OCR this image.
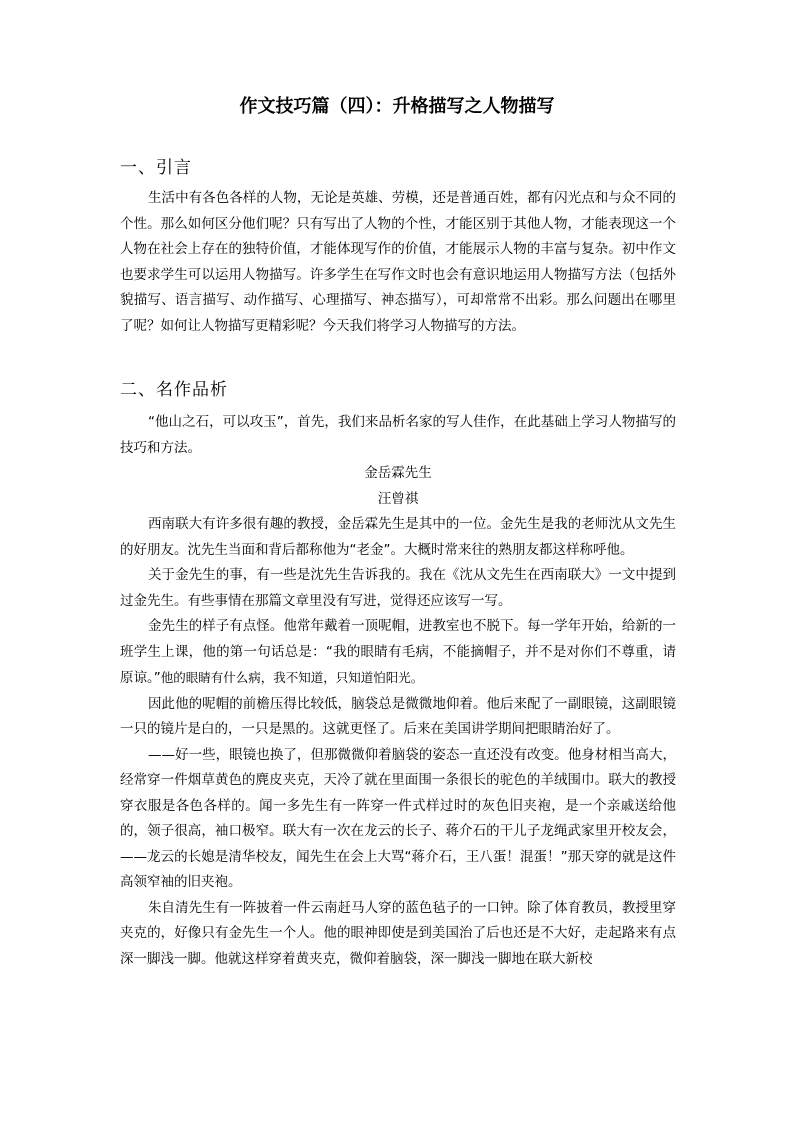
作文技巧篇（四）：升格描写之人物描写
一、引言

生活中有各色各样的人物，无论是英雄、劳模，还是普通百姓，都有闪光点和与众不同的个性。那么如何区分他们呢？只有写出了人物的个性，才能区别于其他人物，才能表现这一个人物在社会上存在的独特价值，才能体现写作的价值，才能展示人物的丰富与复杂。初中作文也要求学生可以运用人物描写。许多学生在写作文时也会有意识地运用人物描写方法（包括外貌描写、语言描写、动作描写、心理描写、神态描写），可却常常不出彩。那么问题出在哪里了呢？如何让人物描写更精彩呢？今天我们将学习人物描写的方法。

二、名作品析

“他山之石，可以攻玉”，首先，我们来品析名家的写人佳作，在此基础上学习人物描写的技巧和方法。

金岳霖先生

汪曾祺

西南联大有许多很有趣的教授，金岳霖先生是其中的一位。金先生是我的老师沈从文先生的好朋友。沈先生当面和背后都称他为“老金”。大概时常来往的熟朋友都这样称呼他。

关于金先生的事，有一些是沈先生告诉我的。我在《沈从文先生在西南联大》一文中提到过金先生。有些事情在那篇文章里没有写进，觉得还应该写一写。

金先生的样子有点怪。他常年戴着一顶呢帽，进教室也不脱下。每一学年开始，给新的一班学生上课，他的第一句话总是：“我的眼睛有毛病，不能摘帽子，并不是对你们不尊重，请原谅。”他的眼睛有什么病，我不知道，只知道怕阳光。

因此他的呢帽的前檐压得比较低，脑袋总是微微地仰着。他后来配了一副眼镜，这副眼镜一只的镜片是白的，一只是黑的。这就更怪了。后来在美国讲学期间把眼睛治好了。

——好一些，眼镜也换了，但那微微仰着脑袋的姿态一直还没有改变。他身材相当高大，经常穿一件烟草黄色的麂皮夹克，天冷了就在里面围一条很长的驼色的羊绒围巾。联大的教授穿衣服是各色各样的。闻一多先生有一阵穿一件式样过时的灰色旧夹袍，是一个亲戚送给他的，领子很高，袖口极窄。联大有一次在龙云的长子、蒋介石的干儿子龙绳武家里开校友会，——龙云的长媳是清华校友，闻先生在会上大骂“蒋介石，王八蛋！混蛋！”那天穿的就是这件高领窄袖的旧夹袍。

朱自清先生有一阵披着一件云南赶马人穿的蓝色毡子的一口钟。除了体育教员，教授里穿夹克的，好像只有金先生一个人。他的眼神即使是到美国治了后也还是不大好，走起路来有点深一脚浅一脚。他就这样穿着黄夹克，微仰着脑袋，深一脚浅一脚地在联大新校
